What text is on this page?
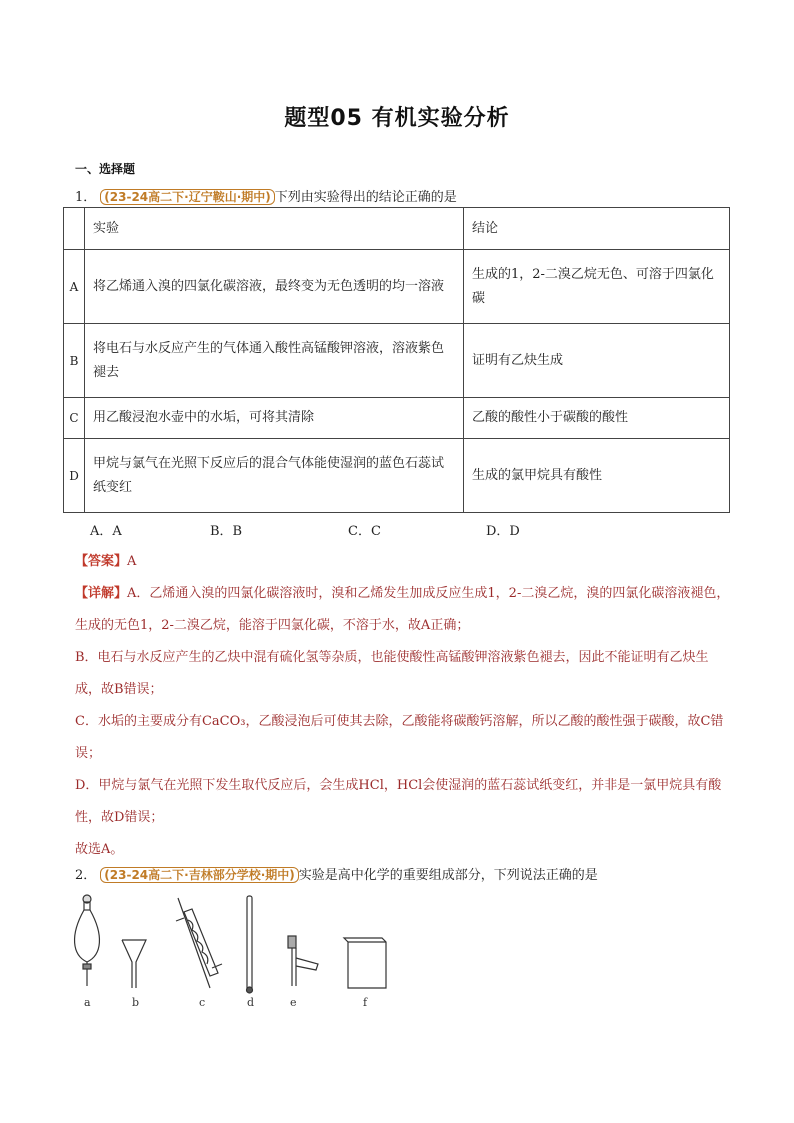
题型05 有机实验分析
一、选择题
1． (23-24高二下·辽宁鞍山·期中) 下列由实验得出的结论正确的是
	实验	结论
A	将乙烯通入溴的四氯化碳溶液，最终变为无色透明的均一溶液	生成的1，2-二溴乙烷无色、可溶于四氯化碳
B	将电石与水反应产生的气体通入酸性高锰酸钾溶液，溶液紫色褪去	证明有乙炔生成
C	用乙酸浸泡水壶中的水垢，可将其清除	乙酸的酸性小于碳酸的酸性
D	甲烷与氯气在光照下反应后的混合气体能使湿润的蓝色石蕊试纸变红	生成的氯甲烷具有酸性
A．A	B．B	C．C	D．D
【答案】A
【详解】A．乙烯通入溴的四氯化碳溶液时，溴和乙烯发生加成反应生成1，2-二溴乙烷，溴的四氯化碳溶液褪色，生成的无色1，2-二溴乙烷，能溶于四氯化碳，不溶于水，故A正确；
B．电石与水反应产生的乙炔中混有硫化氢等杂质，也能使酸性高锰酸钾溶液紫色褪去，因此不能证明有乙炔生成，故B错误；
C．水垢的主要成分有CaCO₃，乙酸浸泡后可使其去除，乙酸能将碳酸钙溶解，所以乙酸的酸性强于碳酸，故C错误；
D．甲烷与氯气在光照下发生取代反应后，会生成HCl，HCl会使湿润的蓝石蕊试纸变红，并非是一氯甲烷具有酸性，故D错误；
故选A。
2． (23-24高二下·吉林部分学校·期中) 实验是高中化学的重要组成部分，下列说法正确的是
a	b	c	d	e	f
